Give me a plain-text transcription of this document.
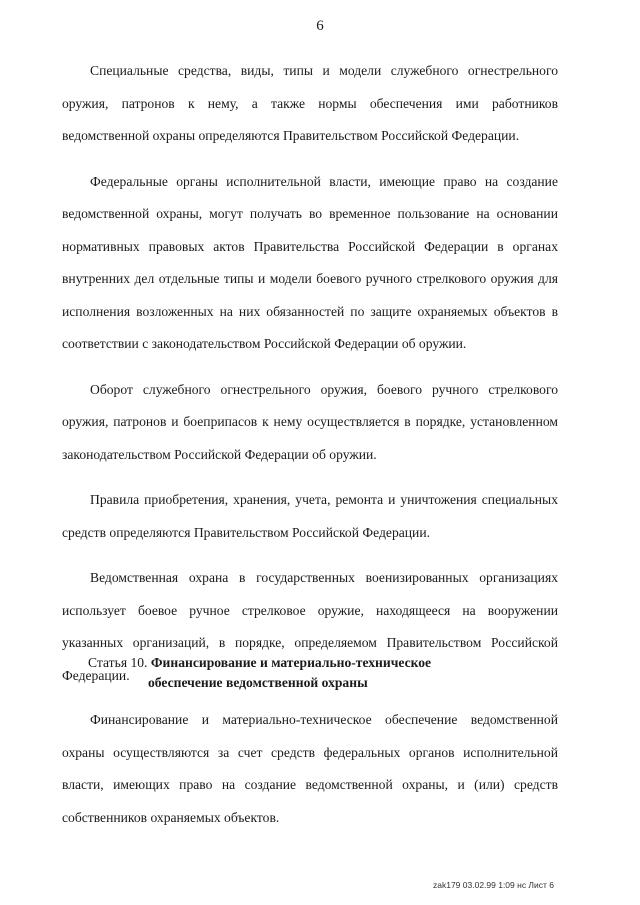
6

Специальные средства, виды, типы и модели служебного огнестрельного оружия, патронов к нему, а также нормы обеспечения ими работников ведомственной охраны определяются Правительством Российской Федерации.

Федеральные органы исполнительной власти, имеющие право на создание ведомственной охраны, могут получать во временное пользование на основании нормативных правовых актов Правительства Российской Федерации в органах внутренних дел отдельные типы и модели боевого ручного стрелкового оружия для исполнения возложенных на них обязанностей по защите охраняемых объектов в соответствии с законодательством Российской Федерации об оружии.

Оборот служебного огнестрельного оружия, боевого ручного стрелкового оружия, патронов и боеприпасов к нему осуществляется в порядке, установленном законодательством Российской Федерации об оружии.

Правила приобретения, хранения, учета, ремонта и уничтожения специальных средств определяются Правительством Российской Федерации.

Ведомственная охрана в государственных военизированных организациях использует боевое ручное стрелковое оружие, находящееся на вооружении указанных организаций, в порядке, определяемом Правительством Российской Федерации.

Статья 10. Финансирование и материально-техническое
обеспечение ведомственной охраны

Финансирование и материально-техническое обеспечение ведомственной охраны осуществляются за счет средств федеральных органов исполнительной власти, имеющих право на создание ведомственной охраны, и (или) средств собственников охраняемых объектов.

zak179 03.02.99 1:09 нс Лист 6
